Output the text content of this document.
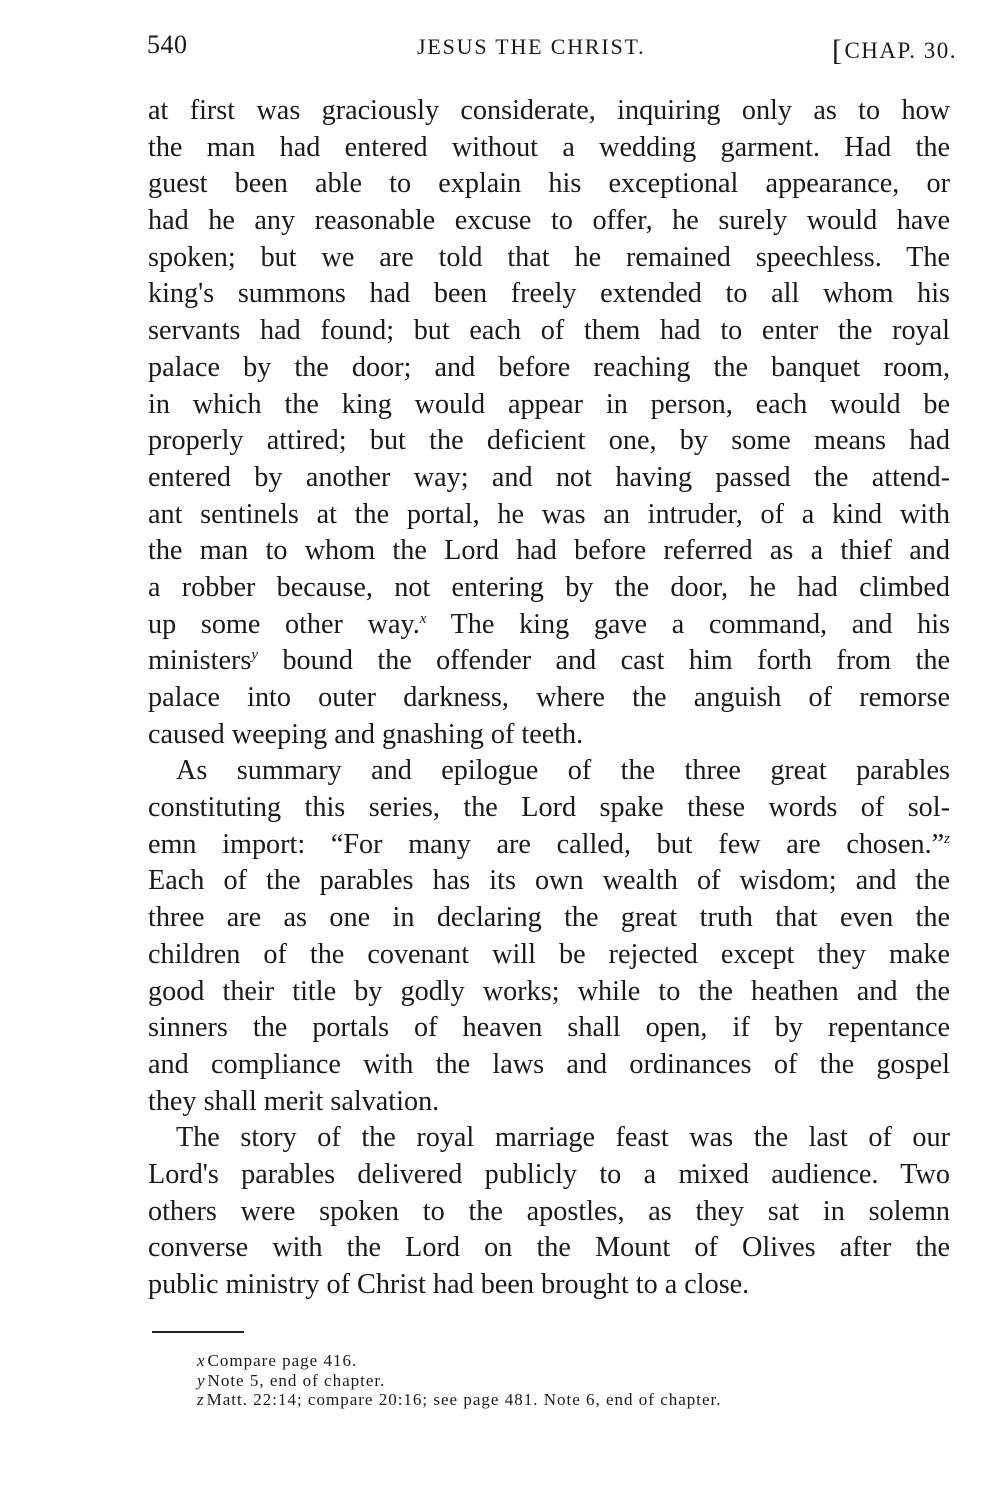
540	JESUS THE CHRIST.	[CHAP. 30.
at first was graciously considerate, inquiring only as to how
the man had entered without a wedding garment. Had the
guest been able to explain his exceptional appearance, or
had he any reasonable excuse to offer, he surely would have
spoken; but we are told that he remained speechless. The
king's summons had been freely extended to all whom his
servants had found; but each of them had to enter the royal
palace by the door; and before reaching the banquet room,
in which the king would appear in person, each would be
properly attired; but the deficient one, by some means had
entered by another way; and not having passed the attend-
ant sentinels at the portal, he was an intruder, of a kind with
the man to whom the Lord had before referred as a thief and
a robber because, not entering by the door, he had climbed
up some other way.$^x$ The king gave a command, and his
ministers$^y$ bound the offender and cast him forth from the
palace into outer darkness, where the anguish of remorse
caused weeping and gnashing of teeth.
As summary and epilogue of the three great parables
constituting this series, the Lord spake these words of sol-
emn import: “For many are called, but few are chosen.”$^z$
Each of the parables has its own wealth of wisdom; and the
three are as one in declaring the great truth that even the
children of the covenant will be rejected except they make
good their title by godly works; while to the heathen and the
sinners the portals of heaven shall open, if by repentance
and compliance with the laws and ordinances of the gospel
they shall merit salvation.
The story of the royal marriage feast was the last of our
Lord's parables delivered publicly to a mixed audience. Two
others were spoken to the apostles, as they sat in solemn
converse with the Lord on the Mount of Olives after the
public ministry of Christ had been brought to a close.
x Compare page 416.
y Note 5, end of chapter.
z Matt. 22:14; compare 20:16; see page 481. Note 6, end of chapter.
